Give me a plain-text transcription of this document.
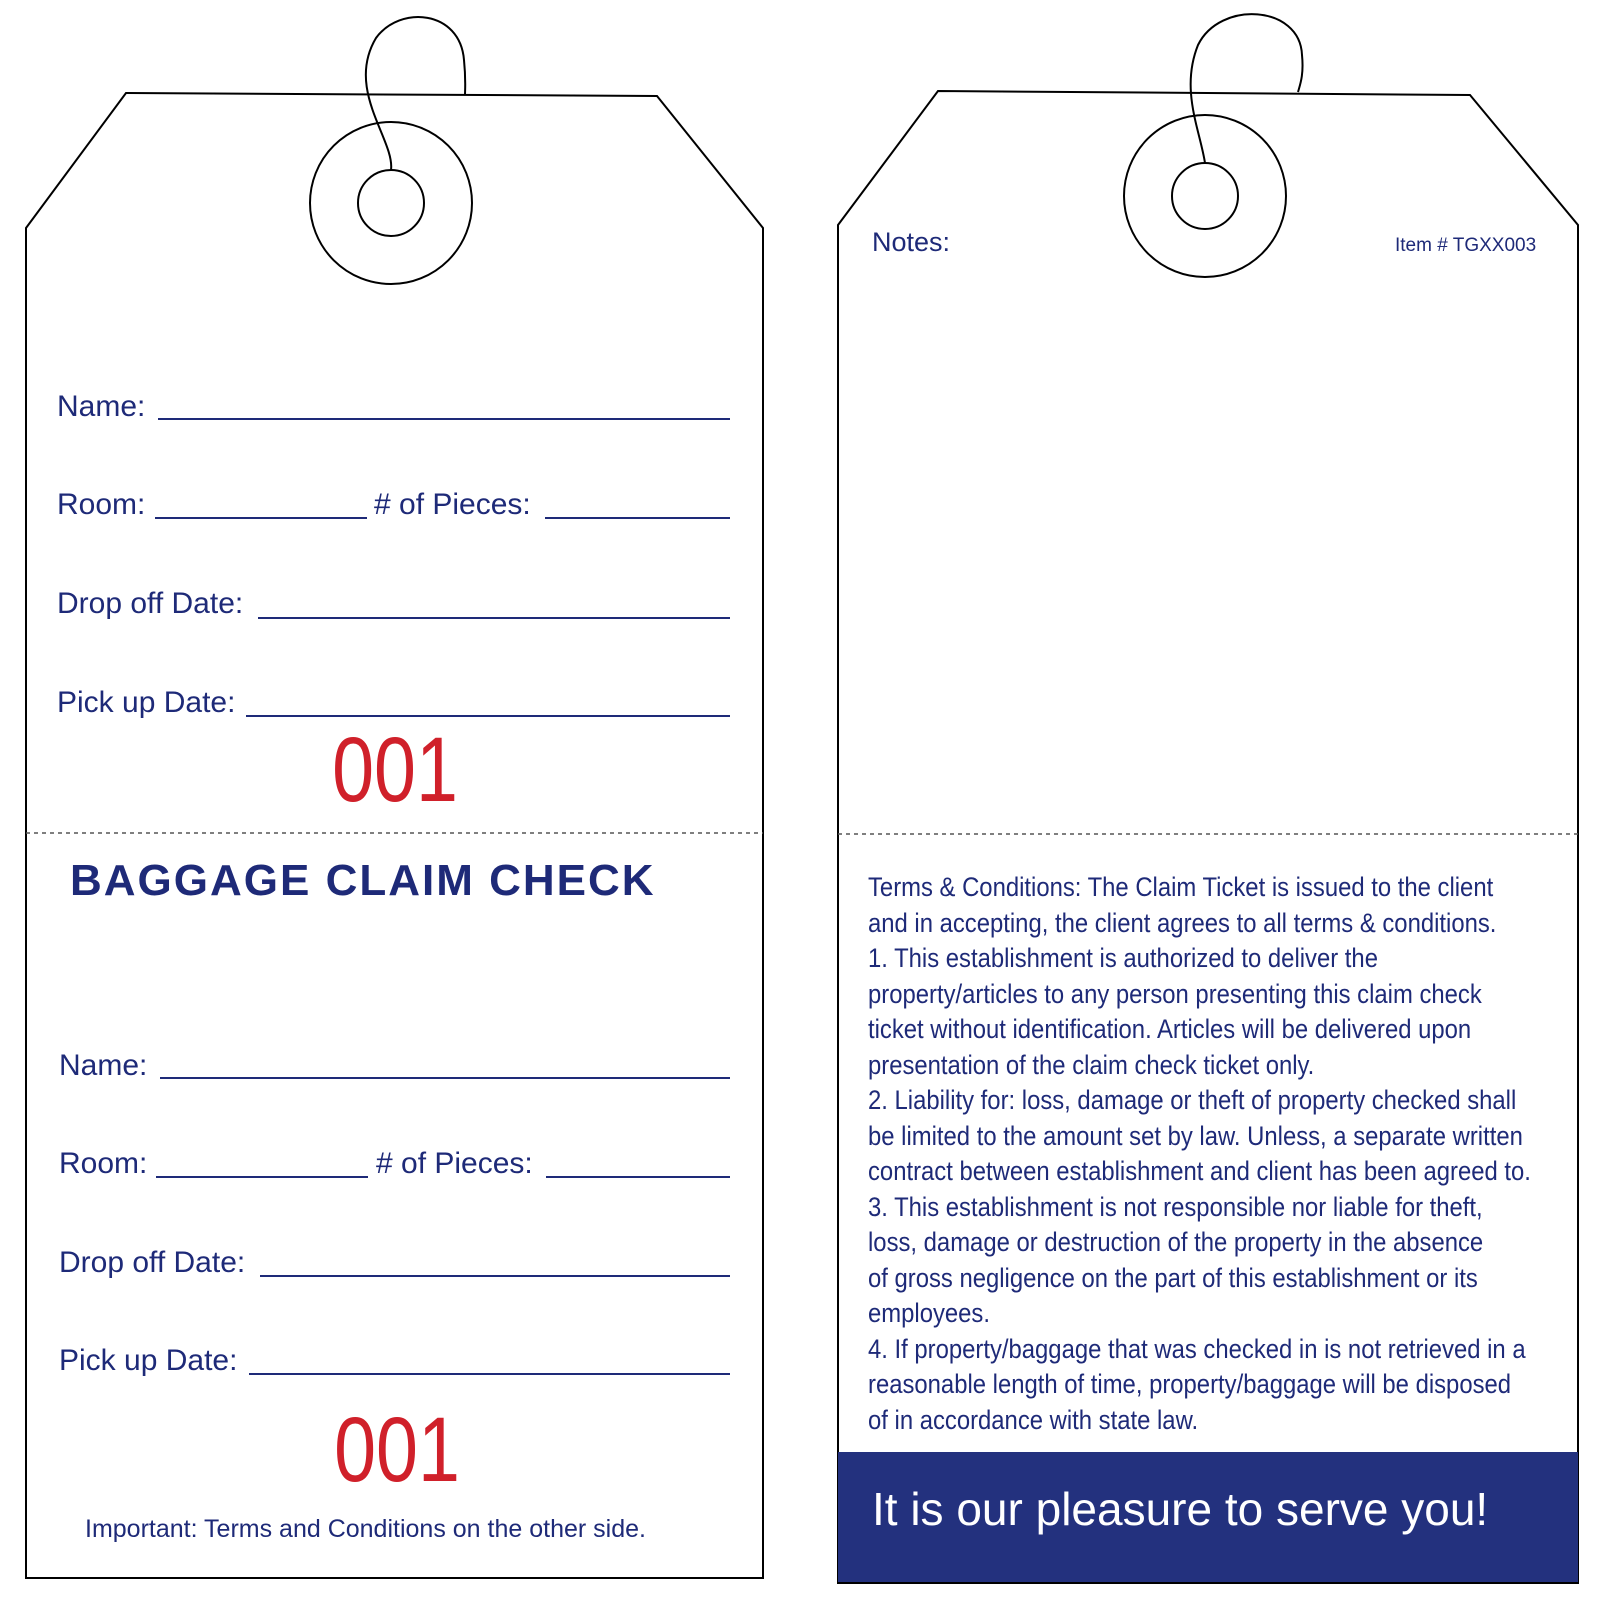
Name:
Room:	# of Pieces:
Drop off Date:
Pick up Date:
001
BAGGAGE CLAIM CHECK
Name:
Room:	# of Pieces:
Drop off Date:
Pick up Date:
001
Important: Terms and Conditions on the other side.
Notes:	Item # TGXX003
Terms & Conditions: The Claim Ticket is issued to the client
and in accepting, the client agrees to all terms & conditions.
1. This establishment is authorized to deliver the
property/articles to any person presenting this claim check
ticket without identification. Articles will be delivered upon
presentation of the claim check ticket only.
2. Liability for: loss, damage or theft of property checked shall
be limited to the amount set by law. Unless, a separate written
contract between establishment and client has been agreed to.
3. This establishment is not responsible nor liable for theft,
loss, damage or destruction of the property in the absence
of gross negligence on the part of this establishment or its
employees.
4. If property/baggage that was checked in is not retrieved in a
reasonable length of time, property/baggage will be disposed
of in accordance with state law.
It is our pleasure to serve you!
